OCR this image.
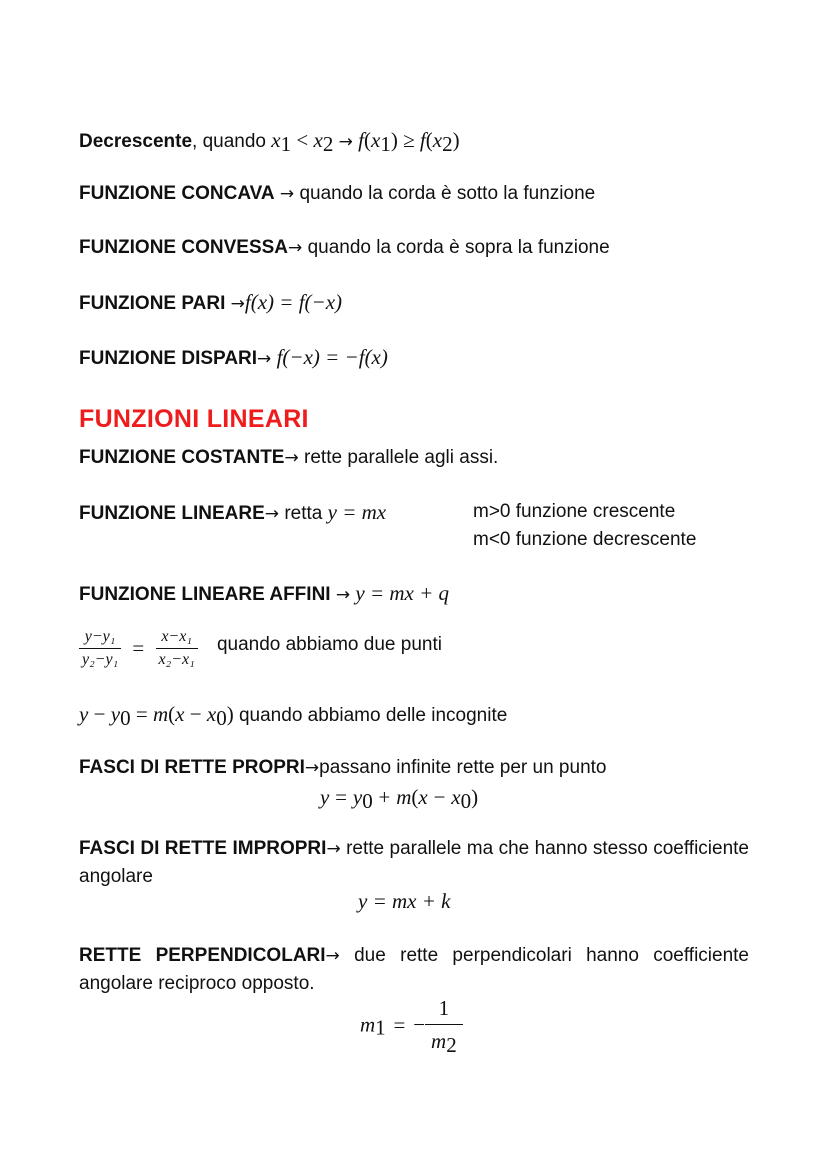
Decrescente, quando $x_1 < x_2 \to f(x_1) \ge f(x_2)$
FUNZIONE CONCAVA → quando la corda è sotto la funzione
FUNZIONE CONVESSA→ quando la corda è sopra la funzione
FUNZIONE PARI →f(x) = f(−x)
FUNZIONE DISPARI→ f(−x) = −f(x)
FUNZIONI LINEARI
FUNZIONE COSTANTE→ rette parallele agli assi.
FUNZIONE LINEARE→ retta y = mx	m>0 funzione crescente
m<0 funzione decrescente
FUNZIONE LINEARE AFFINI → y = mx + q
$\frac{\text{y−y₁}}{\text{y₂−y₁}} = \frac{\text{x−x₁}}{\text{x₂−x₁}}$ quando abbiamo due punti
$y - y_0 = m(x - x_0)$ quando abbiamo delle incognite
FASCI DI RETTE PROPRI→passano infinite rette per un punto
$y = y_0 + m(x - x_0)$
FASCI DI RETTE IMPROPRI→ rette parallele ma che hanno stesso coefficiente angolare
y = mx + k
RETTE PERPENDICOLARI→ due rette perpendicolari hanno coefficiente angolare reciproco opposto.
$m_1$ = − $\frac{1}{m_2}$
